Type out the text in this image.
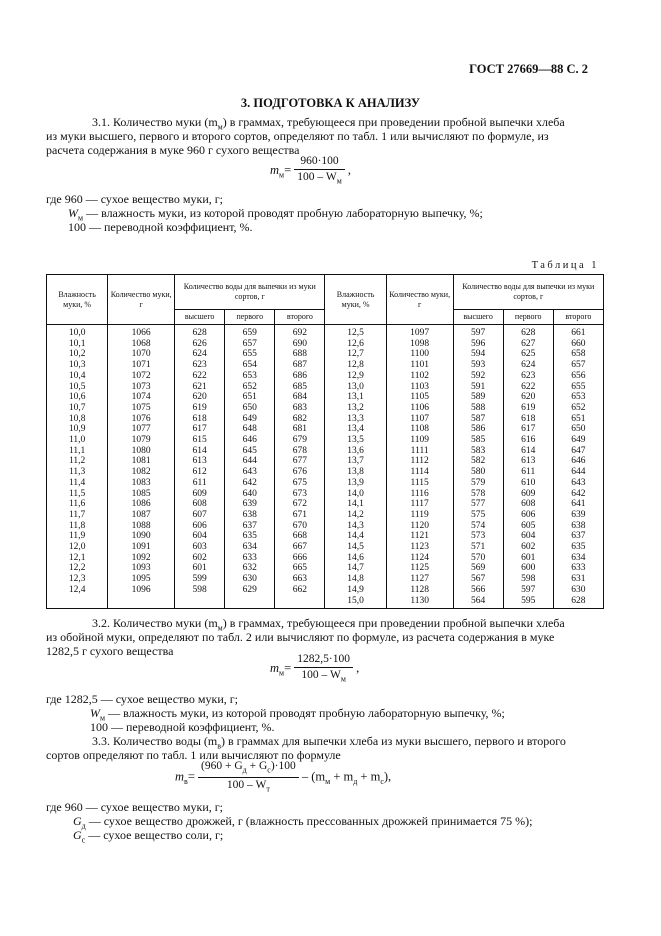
ГОСТ 27669—88 С. 2
3. ПОДГОТОВКА К АНАЛИЗУ
3.1. Количество муки $(m_м)$ в граммах, требующееся при проведении пробной выпечки хлеба
из муки высшего, первого и второго сортов, определяют по табл. 1 или вычисляют по формуле, из
расчета содержания в муке 960 г сухого вещества
$m_м= \frac{960\cdot 100}{100 - W_м}$ ,
где 960 — сухое вещество муки, г;
$W_м$ — влажность муки, из которой проводят пробную лабораторную выпечку, %;
100 — переводной коэффициент, %.
Таблица 1
Влажность муки, %	Количество муки, г	Количество воды для выпечки из муки сортов, г			Влажность муки, %	Количество муки, г	Количество воды для выпечки из муки сортов, г		
		высшего	первого	второго			высшего	первого	второго
10,0	1066	628	659	692	12,5	1097	597	628	661
10,1	1068	626	657	690	12,6	1098	596	627	660
10,2	1070	624	655	688	12,7	1100	594	625	658
10,3	1071	623	654	687	12,8	1101	593	624	657
10,4	1072	622	653	686	12,9	1102	592	623	656
10,5	1073	621	652	685	13,0	1103	591	622	655
10,6	1074	620	651	684	13,1	1105	589	620	653
10,7	1075	619	650	683	13,2	1106	588	619	652
10,8	1076	618	649	682	13,3	1107	587	618	651
10,9	1077	617	648	681	13,4	1108	586	617	650
11,0	1079	615	646	679	13,5	1109	585	616	649
11,1	1080	614	645	678	13,6	1111	583	614	647
11,2	1081	613	644	677	13,7	1112	582	613	646
11,3	1082	612	643	676	13,8	1114	580	611	644
11,4	1083	611	642	675	13,9	1115	579	610	643
11,5	1085	609	640	673	14,0	1116	578	609	642
11,6	1086	608	639	672	14,1	1117	577	608	641
11,7	1087	607	638	671	14,2	1119	575	606	639
11,8	1088	606	637	670	14,3	1120	574	605	638
11,9	1090	604	635	668	14,4	1121	573	604	637
12,0	1091	603	634	667	14,5	1123	571	602	635
12,1	1092	602	633	666	14,6	1124	570	601	634
12,2	1093	601	632	665	14,7	1125	569	600	633
12,3	1095	599	630	663	14,8	1127	567	598	631
12,4	1096	598	629	662	14,9	1128	566	597	630
					15,0	1130	564	595	628
3.2. Количество муки $(m_м)$ в граммах, требующееся при проведении пробной выпечки хлеба
из обойной муки, определяют по табл. 2 или вычисляют по формуле, из расчета содержания в муке
1282,5 г сухого вещества
$m_м= \frac{1282,5\cdot 100}{100 - W_м}$ ,
где 1282,5 — сухое вещество муки, г;
$W_м$ — влажность муки, из которой проводят пробную лабораторную выпечку, %;
100 — переводной коэффициент, %.
3.3. Количество воды $(m_в)$ в граммах для выпечки хлеба из муки высшего, первого и второго
сортов определяют по табл. 1 или вычисляют по формуле
$m_в= \frac{(960 + G_д + G_с)\cdot 100}{100 - W_т} - (m_м + m_д + m_с)$,
где 960 — сухое вещество муки, г;
$G_д$ — сухое вещество дрожжей, г (влажность прессованных дрожжей принимается 75 %);
$G_с$ — сухое вещество соли, г;
